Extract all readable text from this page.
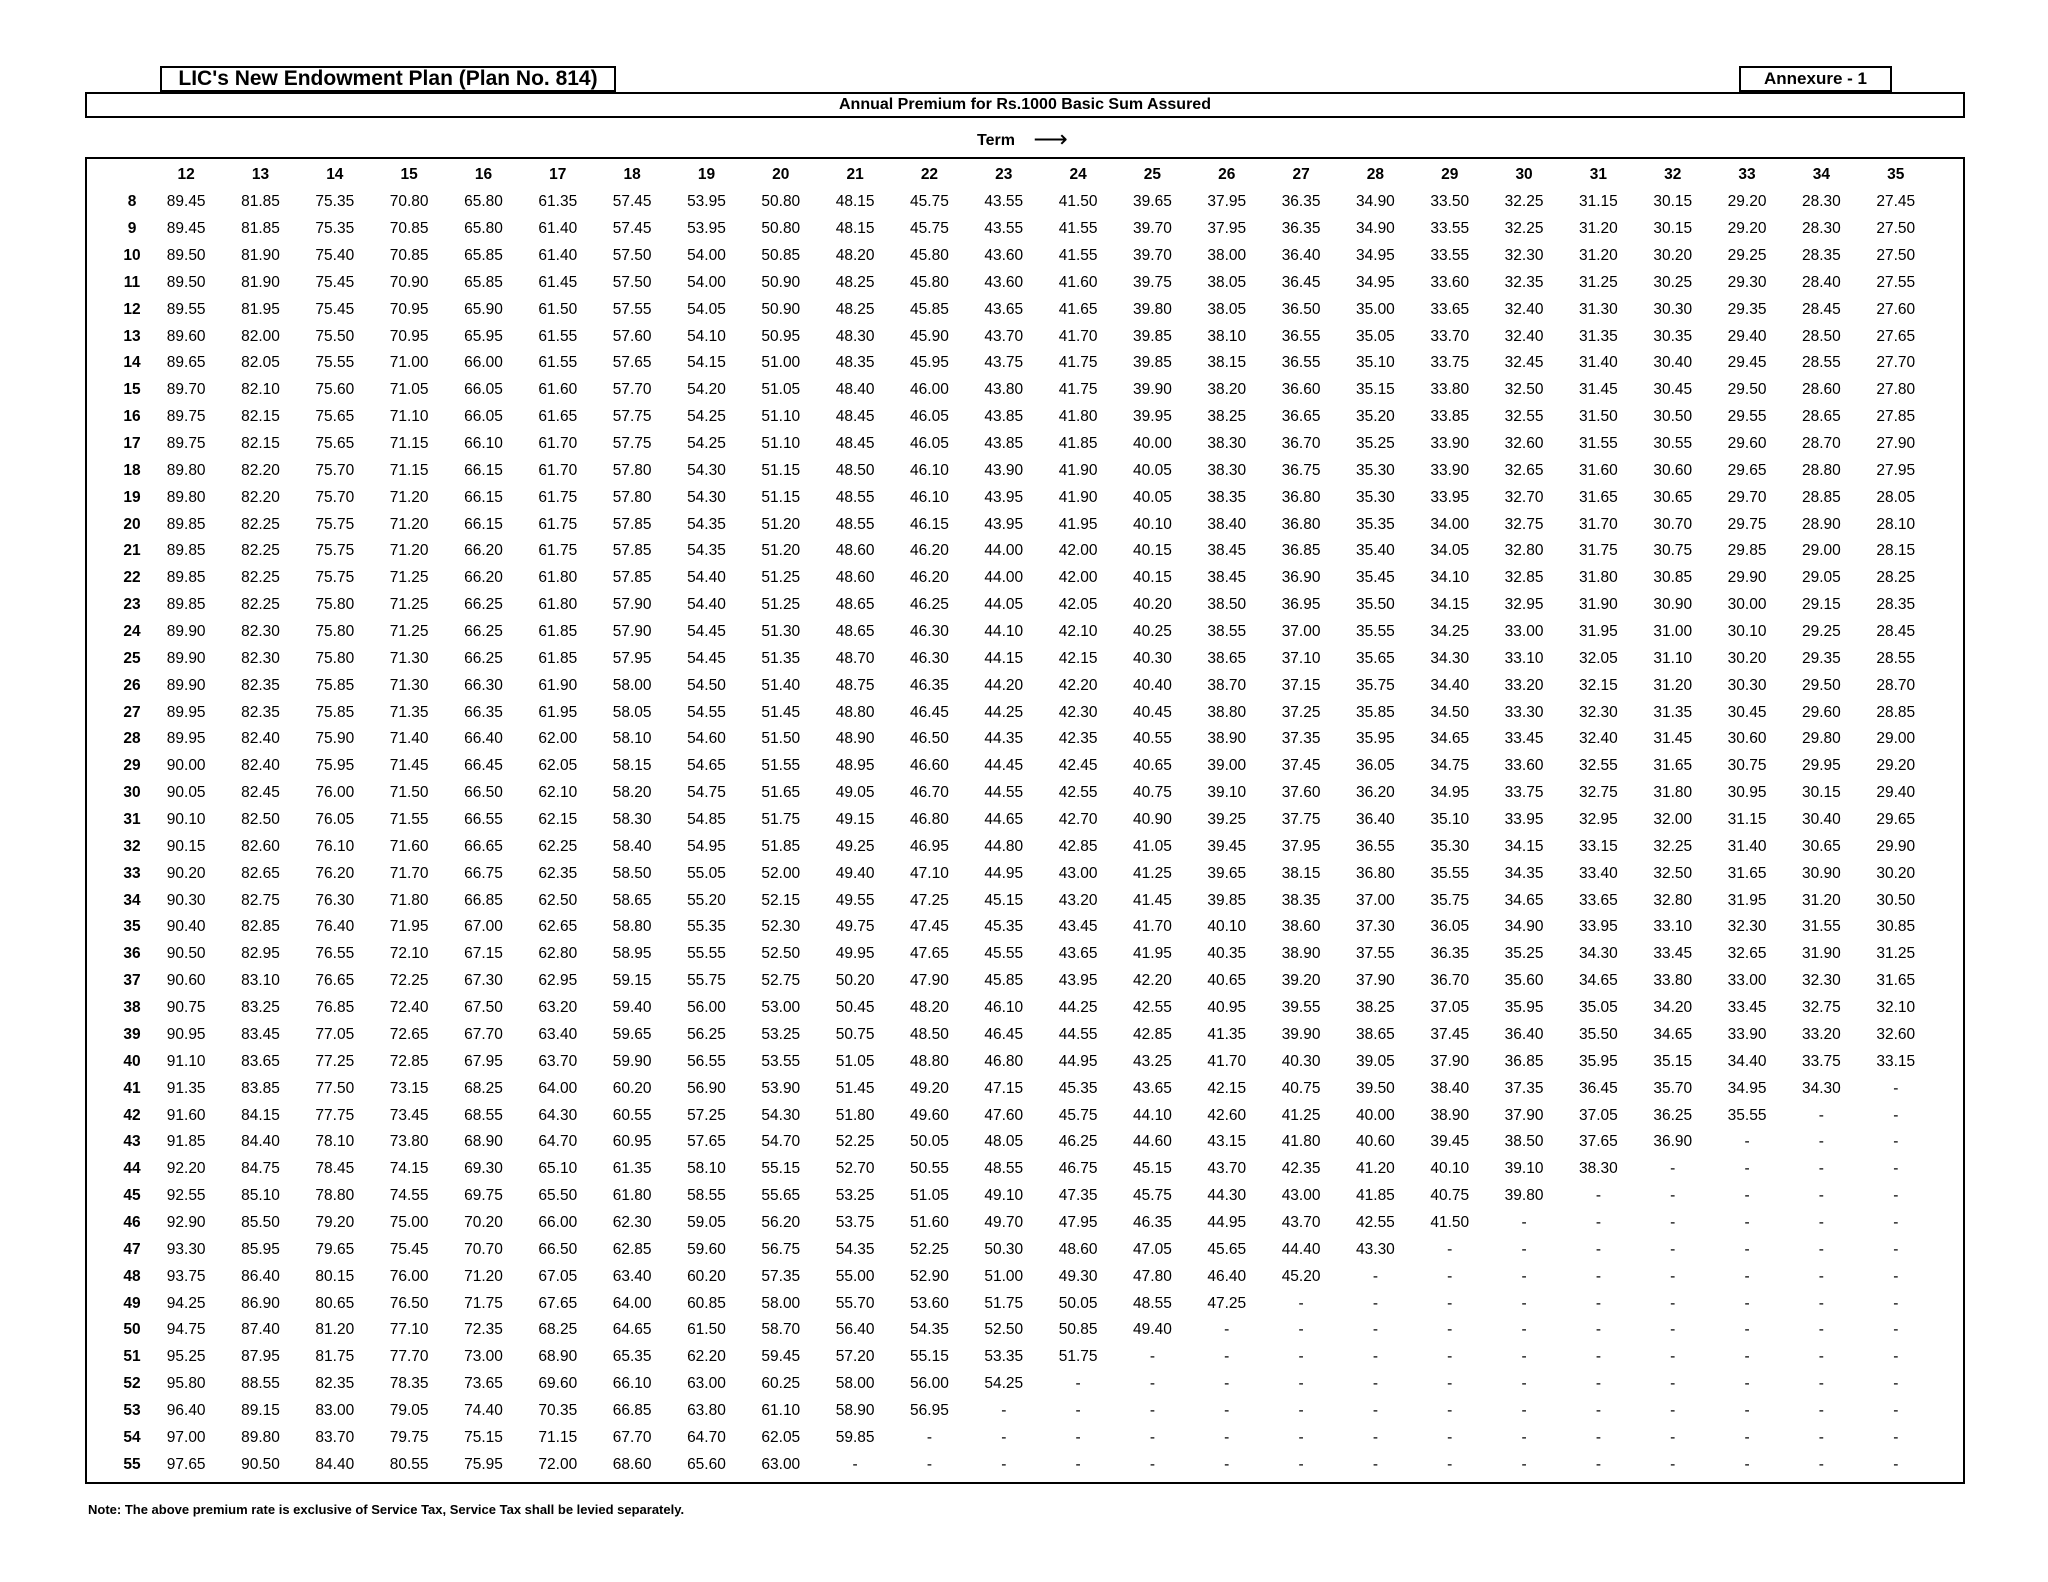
LIC's New Endowment Plan (Plan No. 814)	Annexure - 1
Annual Premium for Rs.1000 Basic Sum Assured
Term ⟶
	12	13	14	15	16	17	18	19	20	21	22	23	24	25	26	27	28	29	30	31	32	33	34	35
8	89.45	81.85	75.35	70.80	65.80	61.35	57.45	53.95	50.80	48.15	45.75	43.55	41.50	39.65	37.95	36.35	34.90	33.50	32.25	31.15	30.15	29.20	28.30	27.45
9	89.45	81.85	75.35	70.85	65.80	61.40	57.45	53.95	50.80	48.15	45.75	43.55	41.55	39.70	37.95	36.35	34.90	33.55	32.25	31.20	30.15	29.20	28.30	27.50
10	89.50	81.90	75.40	70.85	65.85	61.40	57.50	54.00	50.85	48.20	45.80	43.60	41.55	39.70	38.00	36.40	34.95	33.55	32.30	31.20	30.20	29.25	28.35	27.50
11	89.50	81.90	75.45	70.90	65.85	61.45	57.50	54.00	50.90	48.25	45.80	43.60	41.60	39.75	38.05	36.45	34.95	33.60	32.35	31.25	30.25	29.30	28.40	27.55
12	89.55	81.95	75.45	70.95	65.90	61.50	57.55	54.05	50.90	48.25	45.85	43.65	41.65	39.80	38.05	36.50	35.00	33.65	32.40	31.30	30.30	29.35	28.45	27.60
13	89.60	82.00	75.50	70.95	65.95	61.55	57.60	54.10	50.95	48.30	45.90	43.70	41.70	39.85	38.10	36.55	35.05	33.70	32.40	31.35	30.35	29.40	28.50	27.65
14	89.65	82.05	75.55	71.00	66.00	61.55	57.65	54.15	51.00	48.35	45.95	43.75	41.75	39.85	38.15	36.55	35.10	33.75	32.45	31.40	30.40	29.45	28.55	27.70
15	89.70	82.10	75.60	71.05	66.05	61.60	57.70	54.20	51.05	48.40	46.00	43.80	41.75	39.90	38.20	36.60	35.15	33.80	32.50	31.45	30.45	29.50	28.60	27.80
16	89.75	82.15	75.65	71.10	66.05	61.65	57.75	54.25	51.10	48.45	46.05	43.85	41.80	39.95	38.25	36.65	35.20	33.85	32.55	31.50	30.50	29.55	28.65	27.85
17	89.75	82.15	75.65	71.15	66.10	61.70	57.75	54.25	51.10	48.45	46.05	43.85	41.85	40.00	38.30	36.70	35.25	33.90	32.60	31.55	30.55	29.60	28.70	27.90
18	89.80	82.20	75.70	71.15	66.15	61.70	57.80	54.30	51.15	48.50	46.10	43.90	41.90	40.05	38.30	36.75	35.30	33.90	32.65	31.60	30.60	29.65	28.80	27.95
19	89.80	82.20	75.70	71.20	66.15	61.75	57.80	54.30	51.15	48.55	46.10	43.95	41.90	40.05	38.35	36.80	35.30	33.95	32.70	31.65	30.65	29.70	28.85	28.05
20	89.85	82.25	75.75	71.20	66.15	61.75	57.85	54.35	51.20	48.55	46.15	43.95	41.95	40.10	38.40	36.80	35.35	34.00	32.75	31.70	30.70	29.75	28.90	28.10
21	89.85	82.25	75.75	71.20	66.20	61.75	57.85	54.35	51.20	48.60	46.20	44.00	42.00	40.15	38.45	36.85	35.40	34.05	32.80	31.75	30.75	29.85	29.00	28.15
22	89.85	82.25	75.75	71.25	66.20	61.80	57.85	54.40	51.25	48.60	46.20	44.00	42.00	40.15	38.45	36.90	35.45	34.10	32.85	31.80	30.85	29.90	29.05	28.25
23	89.85	82.25	75.80	71.25	66.25	61.80	57.90	54.40	51.25	48.65	46.25	44.05	42.05	40.20	38.50	36.95	35.50	34.15	32.95	31.90	30.90	30.00	29.15	28.35
24	89.90	82.30	75.80	71.25	66.25	61.85	57.90	54.45	51.30	48.65	46.30	44.10	42.10	40.25	38.55	37.00	35.55	34.25	33.00	31.95	31.00	30.10	29.25	28.45
25	89.90	82.30	75.80	71.30	66.25	61.85	57.95	54.45	51.35	48.70	46.30	44.15	42.15	40.30	38.65	37.10	35.65	34.30	33.10	32.05	31.10	30.20	29.35	28.55
26	89.90	82.35	75.85	71.30	66.30	61.90	58.00	54.50	51.40	48.75	46.35	44.20	42.20	40.40	38.70	37.15	35.75	34.40	33.20	32.15	31.20	30.30	29.50	28.70
27	89.95	82.35	75.85	71.35	66.35	61.95	58.05	54.55	51.45	48.80	46.45	44.25	42.30	40.45	38.80	37.25	35.85	34.50	33.30	32.30	31.35	30.45	29.60	28.85
28	89.95	82.40	75.90	71.40	66.40	62.00	58.10	54.60	51.50	48.90	46.50	44.35	42.35	40.55	38.90	37.35	35.95	34.65	33.45	32.40	31.45	30.60	29.80	29.00
29	90.00	82.40	75.95	71.45	66.45	62.05	58.15	54.65	51.55	48.95	46.60	44.45	42.45	40.65	39.00	37.45	36.05	34.75	33.60	32.55	31.65	30.75	29.95	29.20
30	90.05	82.45	76.00	71.50	66.50	62.10	58.20	54.75	51.65	49.05	46.70	44.55	42.55	40.75	39.10	37.60	36.20	34.95	33.75	32.75	31.80	30.95	30.15	29.40
31	90.10	82.50	76.05	71.55	66.55	62.15	58.30	54.85	51.75	49.15	46.80	44.65	42.70	40.90	39.25	37.75	36.40	35.10	33.95	32.95	32.00	31.15	30.40	29.65
32	90.15	82.60	76.10	71.60	66.65	62.25	58.40	54.95	51.85	49.25	46.95	44.80	42.85	41.05	39.45	37.95	36.55	35.30	34.15	33.15	32.25	31.40	30.65	29.90
33	90.20	82.65	76.20	71.70	66.75	62.35	58.50	55.05	52.00	49.40	47.10	44.95	43.00	41.25	39.65	38.15	36.80	35.55	34.35	33.40	32.50	31.65	30.90	30.20
34	90.30	82.75	76.30	71.80	66.85	62.50	58.65	55.20	52.15	49.55	47.25	45.15	43.20	41.45	39.85	38.35	37.00	35.75	34.65	33.65	32.80	31.95	31.20	30.50
35	90.40	82.85	76.40	71.95	67.00	62.65	58.80	55.35	52.30	49.75	47.45	45.35	43.45	41.70	40.10	38.60	37.30	36.05	34.90	33.95	33.10	32.30	31.55	30.85
36	90.50	82.95	76.55	72.10	67.15	62.80	58.95	55.55	52.50	49.95	47.65	45.55	43.65	41.95	40.35	38.90	37.55	36.35	35.25	34.30	33.45	32.65	31.90	31.25
37	90.60	83.10	76.65	72.25	67.30	62.95	59.15	55.75	52.75	50.20	47.90	45.85	43.95	42.20	40.65	39.20	37.90	36.70	35.60	34.65	33.80	33.00	32.30	31.65
38	90.75	83.25	76.85	72.40	67.50	63.20	59.40	56.00	53.00	50.45	48.20	46.10	44.25	42.55	40.95	39.55	38.25	37.05	35.95	35.05	34.20	33.45	32.75	32.10
39	90.95	83.45	77.05	72.65	67.70	63.40	59.65	56.25	53.25	50.75	48.50	46.45	44.55	42.85	41.35	39.90	38.65	37.45	36.40	35.50	34.65	33.90	33.20	32.60
40	91.10	83.65	77.25	72.85	67.95	63.70	59.90	56.55	53.55	51.05	48.80	46.80	44.95	43.25	41.70	40.30	39.05	37.90	36.85	35.95	35.15	34.40	33.75	33.15
41	91.35	83.85	77.50	73.15	68.25	64.00	60.20	56.90	53.90	51.45	49.20	47.15	45.35	43.65	42.15	40.75	39.50	38.40	37.35	36.45	35.70	34.95	34.30	-
42	91.60	84.15	77.75	73.45	68.55	64.30	60.55	57.25	54.30	51.80	49.60	47.60	45.75	44.10	42.60	41.25	40.00	38.90	37.90	37.05	36.25	35.55	-	-
43	91.85	84.40	78.10	73.80	68.90	64.70	60.95	57.65	54.70	52.25	50.05	48.05	46.25	44.60	43.15	41.80	40.60	39.45	38.50	37.65	36.90	-	-	-
44	92.20	84.75	78.45	74.15	69.30	65.10	61.35	58.10	55.15	52.70	50.55	48.55	46.75	45.15	43.70	42.35	41.20	40.10	39.10	38.30	-	-	-	-
45	92.55	85.10	78.80	74.55	69.75	65.50	61.80	58.55	55.65	53.25	51.05	49.10	47.35	45.75	44.30	43.00	41.85	40.75	39.80	-	-	-	-	-
46	92.90	85.50	79.20	75.00	70.20	66.00	62.30	59.05	56.20	53.75	51.60	49.70	47.95	46.35	44.95	43.70	42.55	41.50	-	-	-	-	-	-
47	93.30	85.95	79.65	75.45	70.70	66.50	62.85	59.60	56.75	54.35	52.25	50.30	48.60	47.05	45.65	44.40	43.30	-	-	-	-	-	-	-
48	93.75	86.40	80.15	76.00	71.20	67.05	63.40	60.20	57.35	55.00	52.90	51.00	49.30	47.80	46.40	45.20	-	-	-	-	-	-	-	-
49	94.25	86.90	80.65	76.50	71.75	67.65	64.00	60.85	58.00	55.70	53.60	51.75	50.05	48.55	47.25	-	-	-	-	-	-	-	-	-
50	94.75	87.40	81.20	77.10	72.35	68.25	64.65	61.50	58.70	56.40	54.35	52.50	50.85	49.40	-	-	-	-	-	-	-	-	-	-
51	95.25	87.95	81.75	77.70	73.00	68.90	65.35	62.20	59.45	57.20	55.15	53.35	51.75	-	-	-	-	-	-	-	-	-	-	-
52	95.80	88.55	82.35	78.35	73.65	69.60	66.10	63.00	60.25	58.00	56.00	54.25	-	-	-	-	-	-	-	-	-	-	-	-
53	96.40	89.15	83.00	79.05	74.40	70.35	66.85	63.80	61.10	58.90	56.95	-	-	-	-	-	-	-	-	-	-	-	-	-
54	97.00	89.80	83.70	79.75	75.15	71.15	67.70	64.70	62.05	59.85	-	-	-	-	-	-	-	-	-	-	-	-	-	-
55	97.65	90.50	84.40	80.55	75.95	72.00	68.60	65.60	63.00	-	-	-	-	-	-	-	-	-	-	-	-	-	-	-
Note: The above premium rate is exclusive of Service Tax, Service Tax shall be levied separately.
